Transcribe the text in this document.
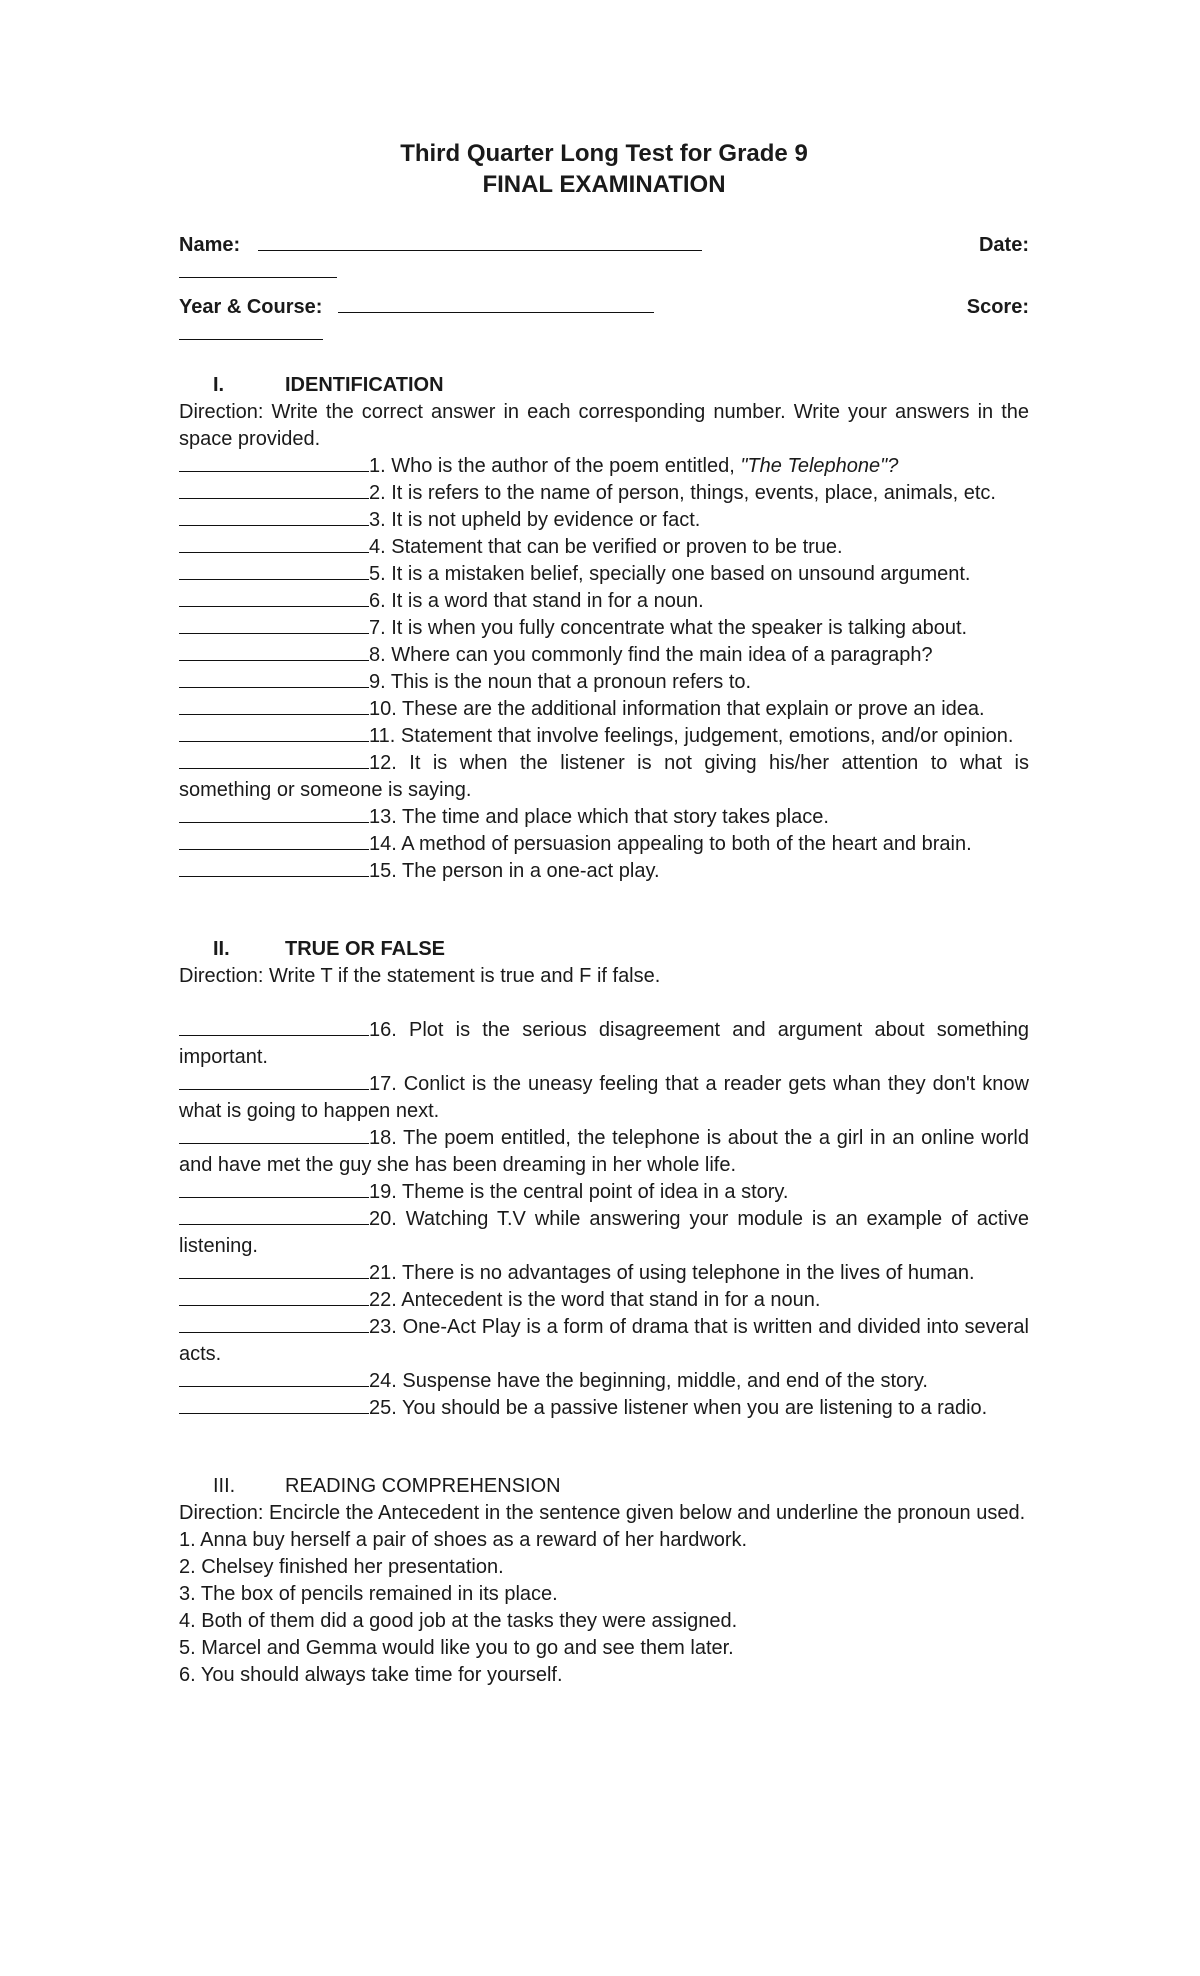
Third Quarter Long Test for Grade 9
FINAL EXAMINATION
Name:	Date:
Year & Course:	Score:
I.	IDENTIFICATION

Direction: Write the correct answer in each corresponding number. Write your answers in the space provided.

1. Who is the author of the poem entitled, "The Telephone"?
2. It is refers to the name of person, things, events, place, animals, etc.
3. It is not upheld by evidence or fact.
4. Statement that can be verified or proven to be true.
5. It is a mistaken belief, specially one based on unsound argument.
6. It is a word that stand in for a noun.
7. It is when you fully concentrate what the speaker is talking about.
8. Where can you commonly find the main idea of a paragraph?
9. This is the noun that a pronoun refers to.
10. These are the additional information that explain or prove an idea.
11. Statement that involve feelings, judgement, emotions, and/or opinion.
12. It is when the listener is not giving his/her attention to what is something or someone is saying.
13. The time and place which that story takes place.
14. A method of persuasion appealing to both of the heart and brain.
15. The person in a one-act play.
II.	TRUE OR FALSE

Direction: Write T if the statement is true and F if false.

16. Plot is the serious disagreement and argument about something important.
17. Conlict is the uneasy feeling that a reader gets whan they don't know what is going to happen next.
18. The poem entitled, the telephone is about the a girl in an online world and have met the guy she has been dreaming in her whole life.
19. Theme is the central point of idea in a story.
20. Watching T.V while answering your module is an example of active listening.
21. There is no advantages of using telephone in the lives of human.
22. Antecedent is the word that stand in for a noun.
23. One-Act Play is a form of drama that is written and divided into several acts.
24. Suspense have the beginning, middle, and end of the story.
25. You should be a passive listener when you are listening to a radio.
III. READING COMPREHENSION

Direction: Encircle the Antecedent in the sentence given below and underline the pronoun used.

1. Anna buy herself a pair of shoes as a reward of her hardwork.
2. Chelsey finished her presentation.
3. The box of pencils remained in its place.
4. Both of them did a good job at the tasks they were assigned.
5. Marcel and Gemma would like you to go and see them later.
6. You should always take time for yourself.
